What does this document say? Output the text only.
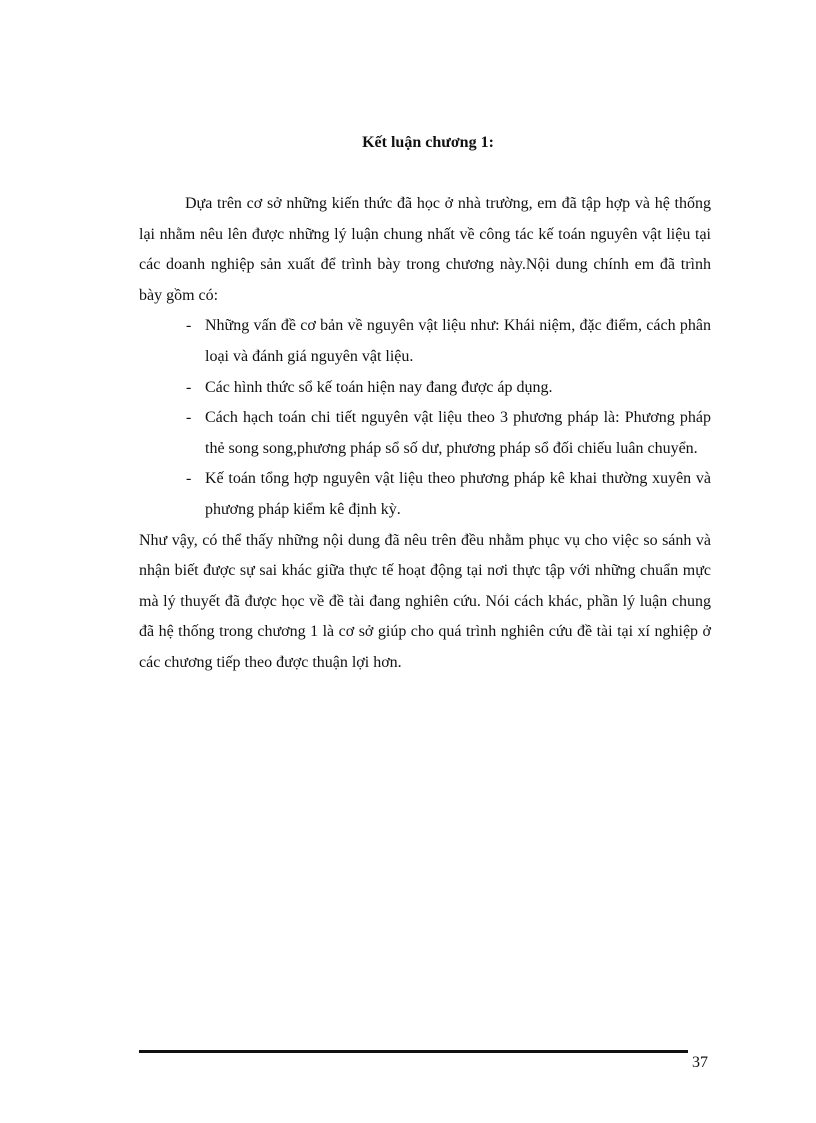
Kết luận chương 1:

Dựa trên cơ sở những kiến thức đã học ở nhà trường, em đã tập hợp và hệ thống lại nhằm nêu lên được những lý luận chung nhất về công tác kế toán nguyên vật liệu tại các doanh nghiệp sản xuất để trình bày trong chương này.Nội dung chính em đã trình bày gồm có:

- Những vấn đề cơ bản về nguyên vật liệu như: Khái niệm, đặc điểm, cách phân loại và đánh giá nguyên vật liệu.
- Các hình thức sổ kế toán hiện nay đang được áp dụng.
- Cách hạch toán chi tiết nguyên vật liệu theo 3 phương pháp là: Phương pháp thẻ song song,phương pháp sổ số dư, phương pháp sổ đối chiếu luân chuyển.
- Kế toán tổng hợp nguyên vật liệu theo phương pháp kê khai thường xuyên và phương pháp kiểm kê định kỳ.

Như vậy, có thể thấy những nội dung đã nêu trên đều nhằm phục vụ cho việc so sánh và nhận biết được sự sai khác giữa thực tế hoạt động tại nơi thực tập với những chuẩn mực mà lý thuyết đã được học về đề tài đang nghiên cứu. Nói cách khác, phần lý luận chung đã hệ thống trong chương 1 là cơ sở giúp cho quá trình nghiên cứu đề tài tại xí nghiệp ở các chương tiếp theo được thuận lợi hơn.

37
